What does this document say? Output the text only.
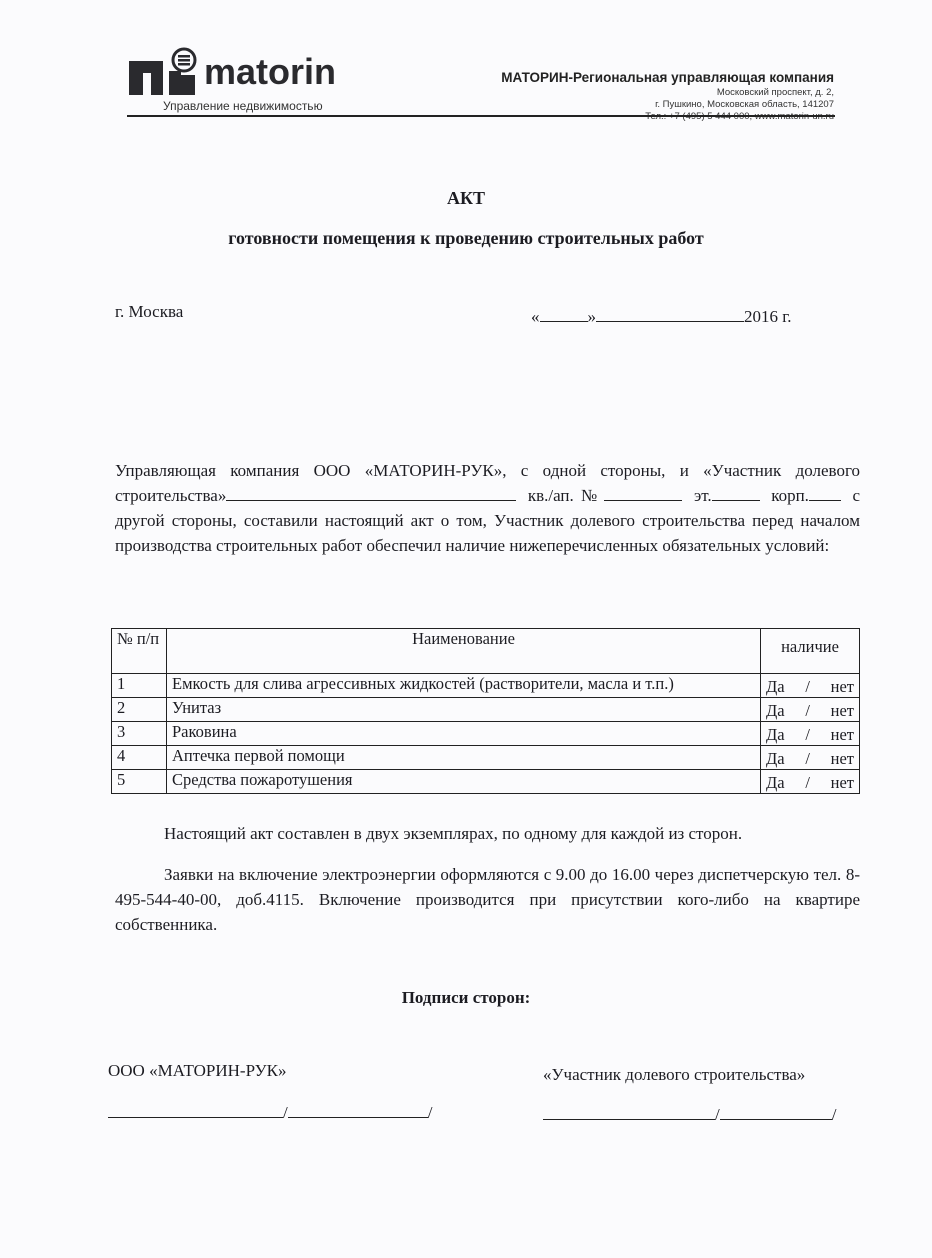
matorin
Управление недвижимостью
МАТОРИН-Региональная управляющая компания
Московский проспект, д. 2,
г. Пушкино, Московская область, 141207
АКТ
готовности помещения к проведению строительных работ
г. Москва	«	»	2016 г.
Управляющая компания ООО «МАТОРИН-РУК», с одной стороны, и «Участник долевого строительства»	кв./ап.№	эт.	корп. с другой стороны, составили настоящий акт о том, Участник долевого строительства перед началом производства строительных работ обеспечил наличие нижеперечисленных обязательных условий:
№ п/п	Наименование	наличие
1	Емкость для слива агрессивных жидкостей (растворители, масла и т.п.)	Да / нет

2	Унитаз	Да / нет

3	Раковина	Да / нет

4	Аптечка первой помощи	Да / нет

5	Средства пожаротушения	Да / нет
Настоящий акт составлен в двух экземплярах, по одному для каждой из сторон.
Заявки на включение электроэнергии оформляются с 9.00 до 16.00 через диспетчерскую тел. 8-495-544-40-00, доб.4115. Включение производится при присутствии кого-либо на квартире собственника.
Подписи сторон:
ООО «МАТОРИН-РУК»	«Участник долевого строительства»
/	/	/	/
